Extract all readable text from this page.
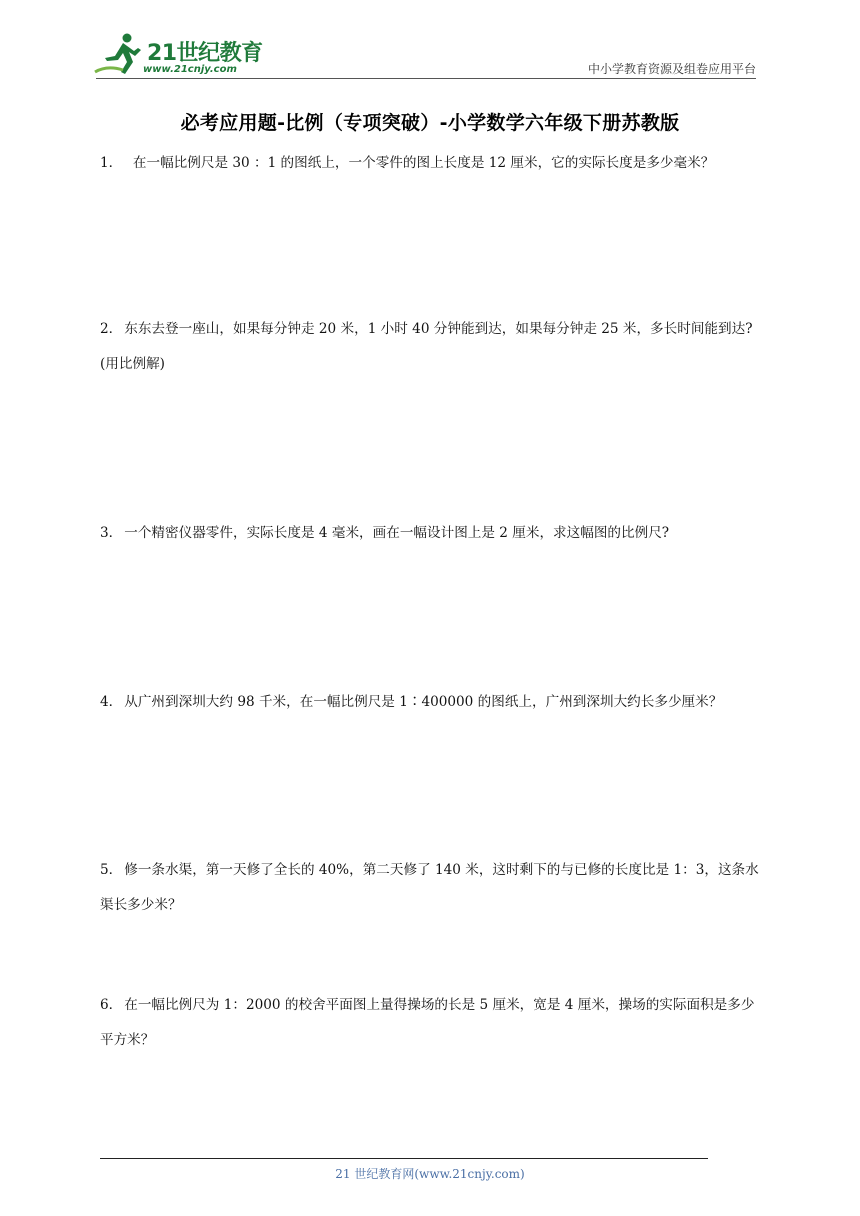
21世纪教育
www.21cnjy.com	中小学教育资源及组卷应用平台
必考应用题-比例（专项突破）-小学数学六年级下册苏教版
1．  在一幅比例尺是 30 ：1 的图纸上，一个零件的图上长度是 12 厘米，它的实际长度是多少毫米？
2． 东东去登一座山，如果每分钟走 20 米，1 小时 40 分钟能到达，如果每分钟走 25 米，多长时间能到达? (用比例解)
3． 一个精密仪器零件，实际长度是 4 毫米，画在一幅设计图上是 2 厘米，求这幅图的比例尺?
4． 从广州到深圳大约 98 千米，在一幅比例尺是 1∶400000 的图纸上，广州到深圳大约长多少厘米？
5． 修一条水渠，第一天修了全长的 40%，第二天修了 140 米，这时剩下的与已修的长度比是 1：3，这条水渠长多少米？
6． 在一幅比例尺为 1：2000 的校舍平面图上量得操场的长是 5 厘米，宽是 4 厘米，操场的实际面积是多少平方米？
21 世纪教育网(www.21cnjy.com)
